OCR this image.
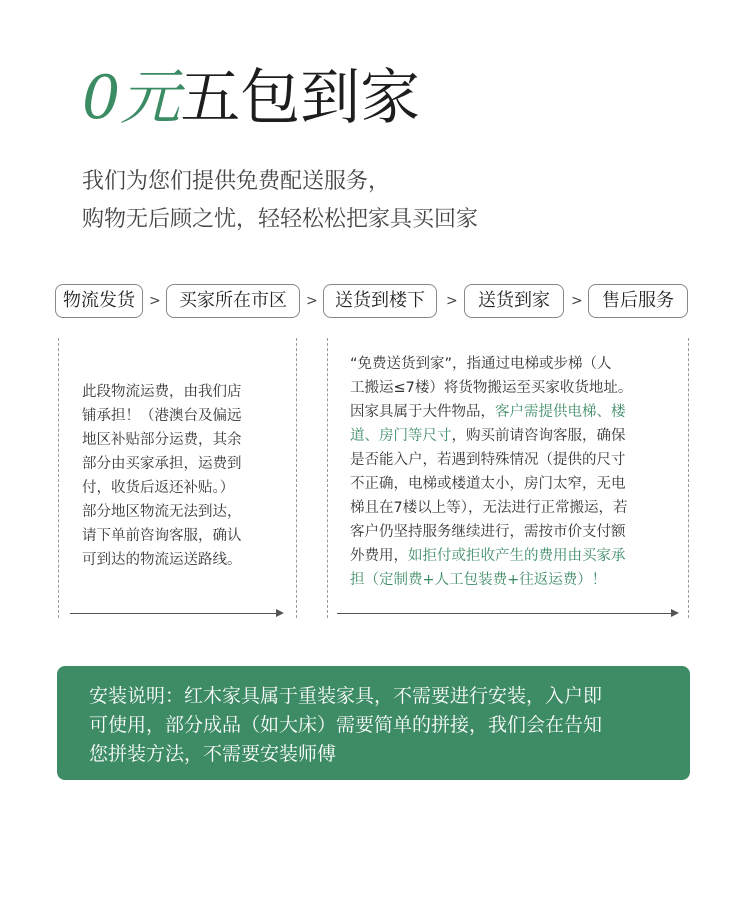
0元五包到家
我们为您们提供免费配送服务，
购物无后顾之忧，轻轻松松把家具买回家
物流发货	>	买家所在市区	> 送货到楼下	>	送货到家	>	售后服务
此段物流运费，由我们店
铺承担！（港澳台及偏远
地区补贴部分运费，其余
部分由买家承担，运费到
付，收货后返还补贴。）
部分地区物流无法到达，
请下单前咨询客服，确认
可到达的物流运送路线。
“免费送货到家”，指通过电梯或步梯（人
工搬运≤7楼）将货物搬运至买家收货地址。
因家具属于大件物品，客户需提供电梯、楼
道、房门等尺寸，购买前请咨询客服，确保
是否能入户，若遇到特殊情况（提供的尺寸
不正确，电梯或楼道太小，房门太窄，无电
梯且在7楼以上等），无法进行正常搬运，若
客户仍坚持服务继续进行，需按市价支付额
外费用，如拒付或拒收产生的费用由买家承
担（定制费+人工包装费+往返运费）！
安装说明：红木家具属于重装家具，不需要进行安装，入户即
可使用，部分成品（如大床）需要简单的拼接，我们会在告知
您拼装方法，不需要安装师傅
